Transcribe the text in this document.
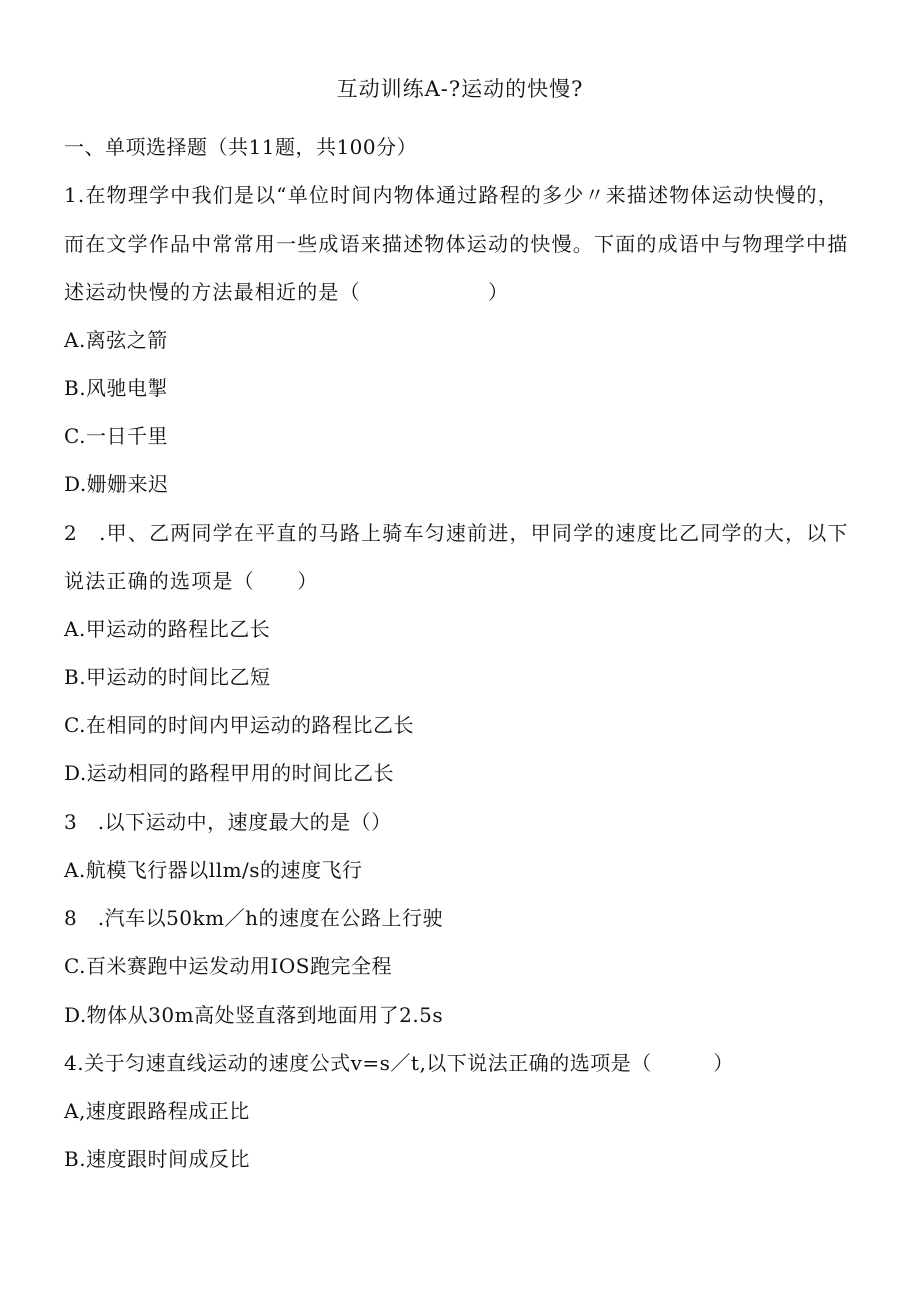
互动训练A-?运动的快慢?
一、单项选择题（共11题，共100分）
1.在物理学中我们是以“单位时间内物体通过路程的多少〃来描述物体运动快慢的，
而在文学作品中常常用一些成语来描述物体运动的快慢。下面的成语中与物理学中描
述运动快慢的方法最相近的是（　　　　　　）
A.离弦之箭
B.风驰电掣
C.一日千里
D.姗姗来迟
2　.甲、乙两同学在平直的马路上骑车匀速前进，甲同学的速度比乙同学的大，以下
说法正确的选项是（　　）
A.甲运动的路程比乙长
B.甲运动的时间比乙短
C.在相同的时间内甲运动的路程比乙长
D.运动相同的路程甲用的时间比乙长
3　.以下运动中，速度最大的是（）
A.航模飞行器以llm/s的速度飞行
8　.汽车以50km／h的速度在公路上行驶
C.百米赛跑中运发动用IOS跑完全程
D.物体从30m高处竖直落到地面用了2.5s
4.关于匀速直线运动的速度公式v=s／t,以下说法正确的选项是（　　　）
A,速度跟路程成正比
B.速度跟时间成反比
